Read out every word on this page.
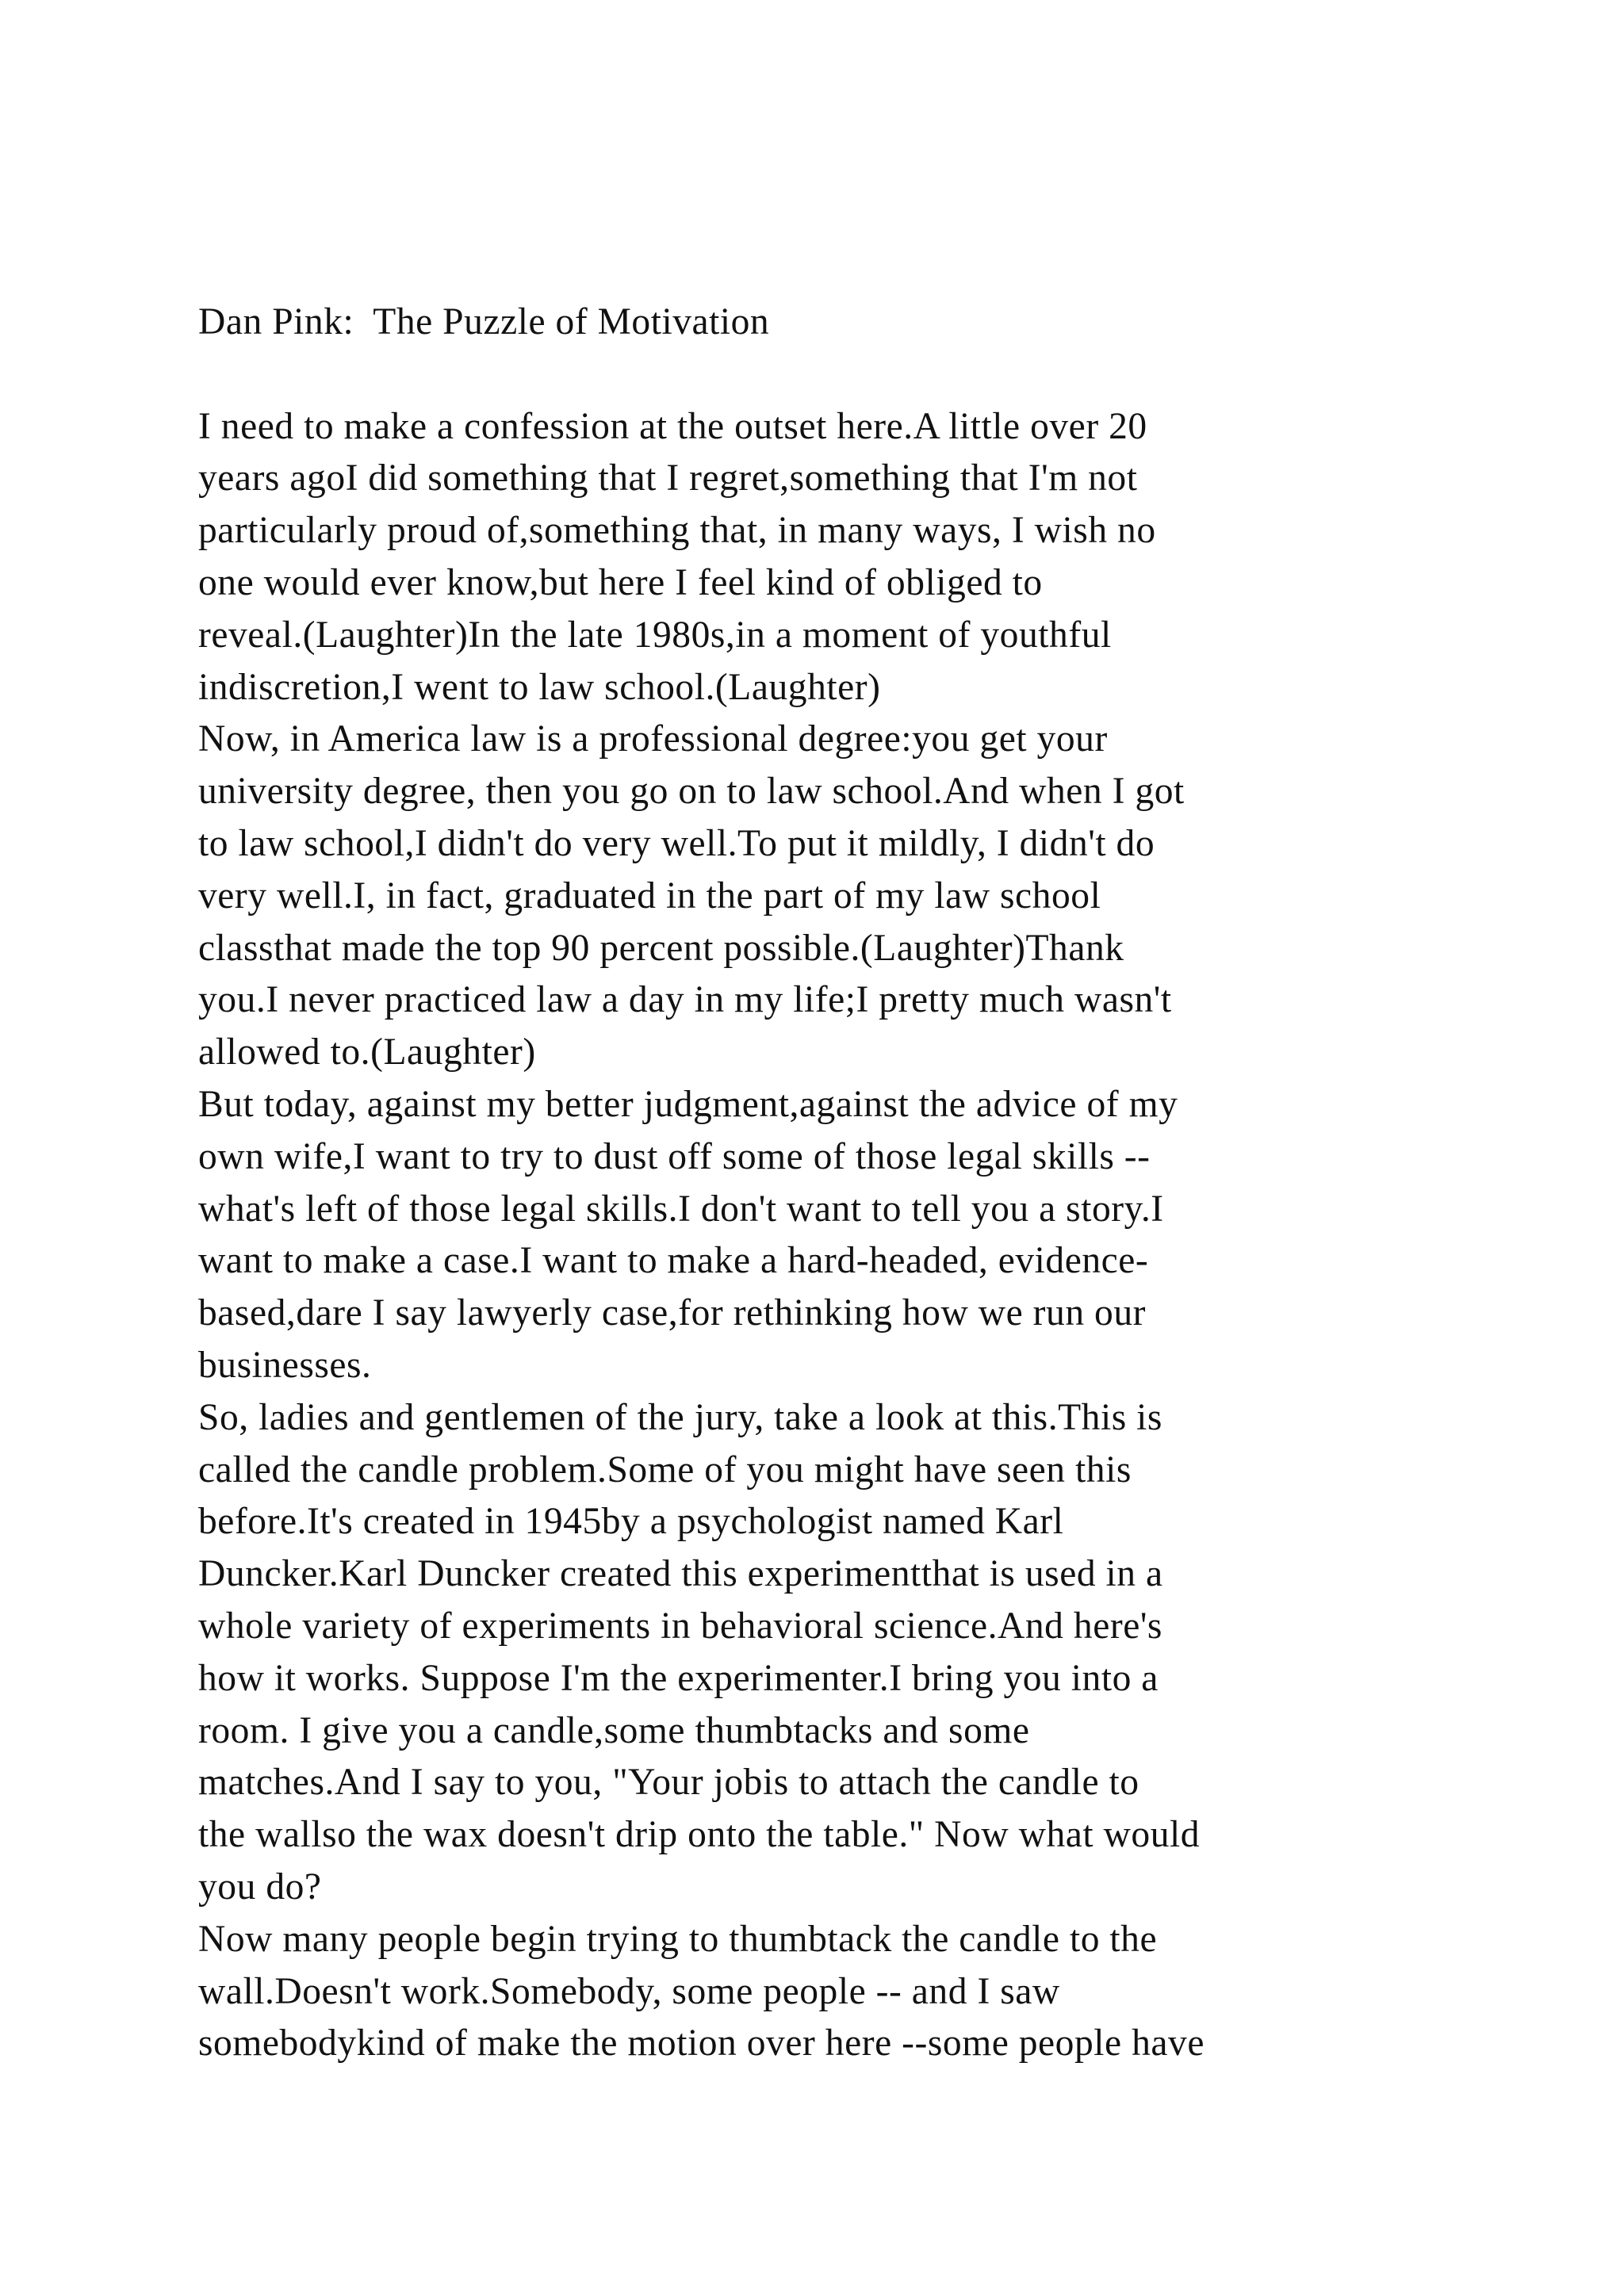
Dan Pink:  The Puzzle of Motivation
I need to make a confession at the outset here.A little over 20
years agoI did something that I regret,something that I'm not
particularly proud of,something that, in many ways, I wish no
one would ever know,but here I feel kind of obliged to
reveal.(Laughter)In the late 1980s,in a moment of youthful
indiscretion,I went to law school.(Laughter)
Now, in America law is a professional degree:you get your
university degree, then you go on to law school.And when I got
to law school,I didn't do very well.To put it mildly, I didn't do
very well.I, in fact, graduated in the part of my law school
classthat made the top 90 percent possible.(Laughter)Thank
you.I never practiced law a day in my life;I pretty much wasn't
allowed to.(Laughter)
But today, against my better judgment,against the advice of my
own wife,I want to try to dust off some of those legal skills --
what's left of those legal skills.I don't want to tell you a story.I
want to make a case.I want to make a hard-headed, evidence-
based,dare I say lawyerly case,for rethinking how we run our
businesses.
So, ladies and gentlemen of the jury, take a look at this.This is
called the candle problem.Some of you might have seen this
before.It's created in 1945by a psychologist named Karl
Duncker.Karl Duncker created this experimentthat is used in a
whole variety of experiments in behavioral science.And here's
how it works. Suppose I'm the experimenter.I bring you into a
room. I give you a candle,some thumbtacks and some
matches.And I say to you, "Your jobis to attach the candle to
the wallso the wax doesn't drip onto the table." Now what would
you do?
Now many people begin trying to thumbtack the candle to the
wall.Doesn't work.Somebody, some people -- and I saw
somebodykind of make the motion over here --some people have
